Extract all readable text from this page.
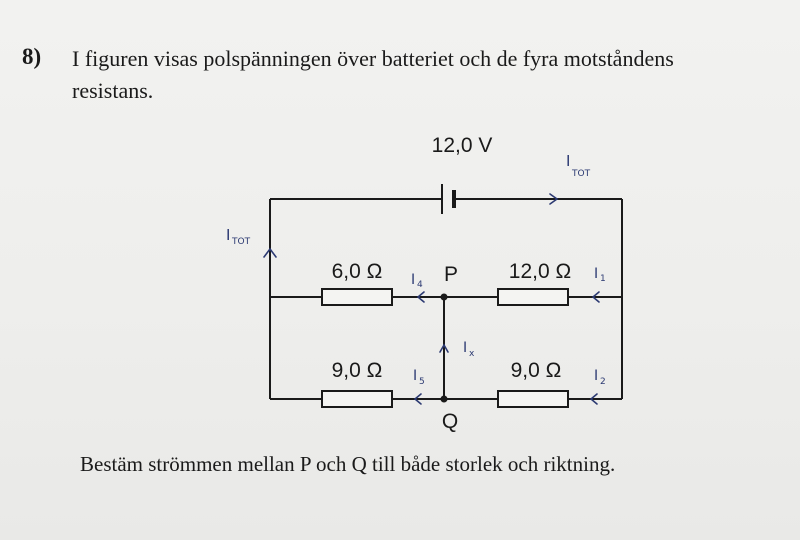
8) I figuren visas polspänningen över batteriet och de fyra motståndens
resistans.
12,0 V
6,0 Ω	12,0 Ω
9,0 Ω	9,0 Ω
P
Q
I
TOT
I TOT
I 4
I 1
I x
I 5	I 2
Bestäm strömmen mellan P och Q till både storlek och riktning.
